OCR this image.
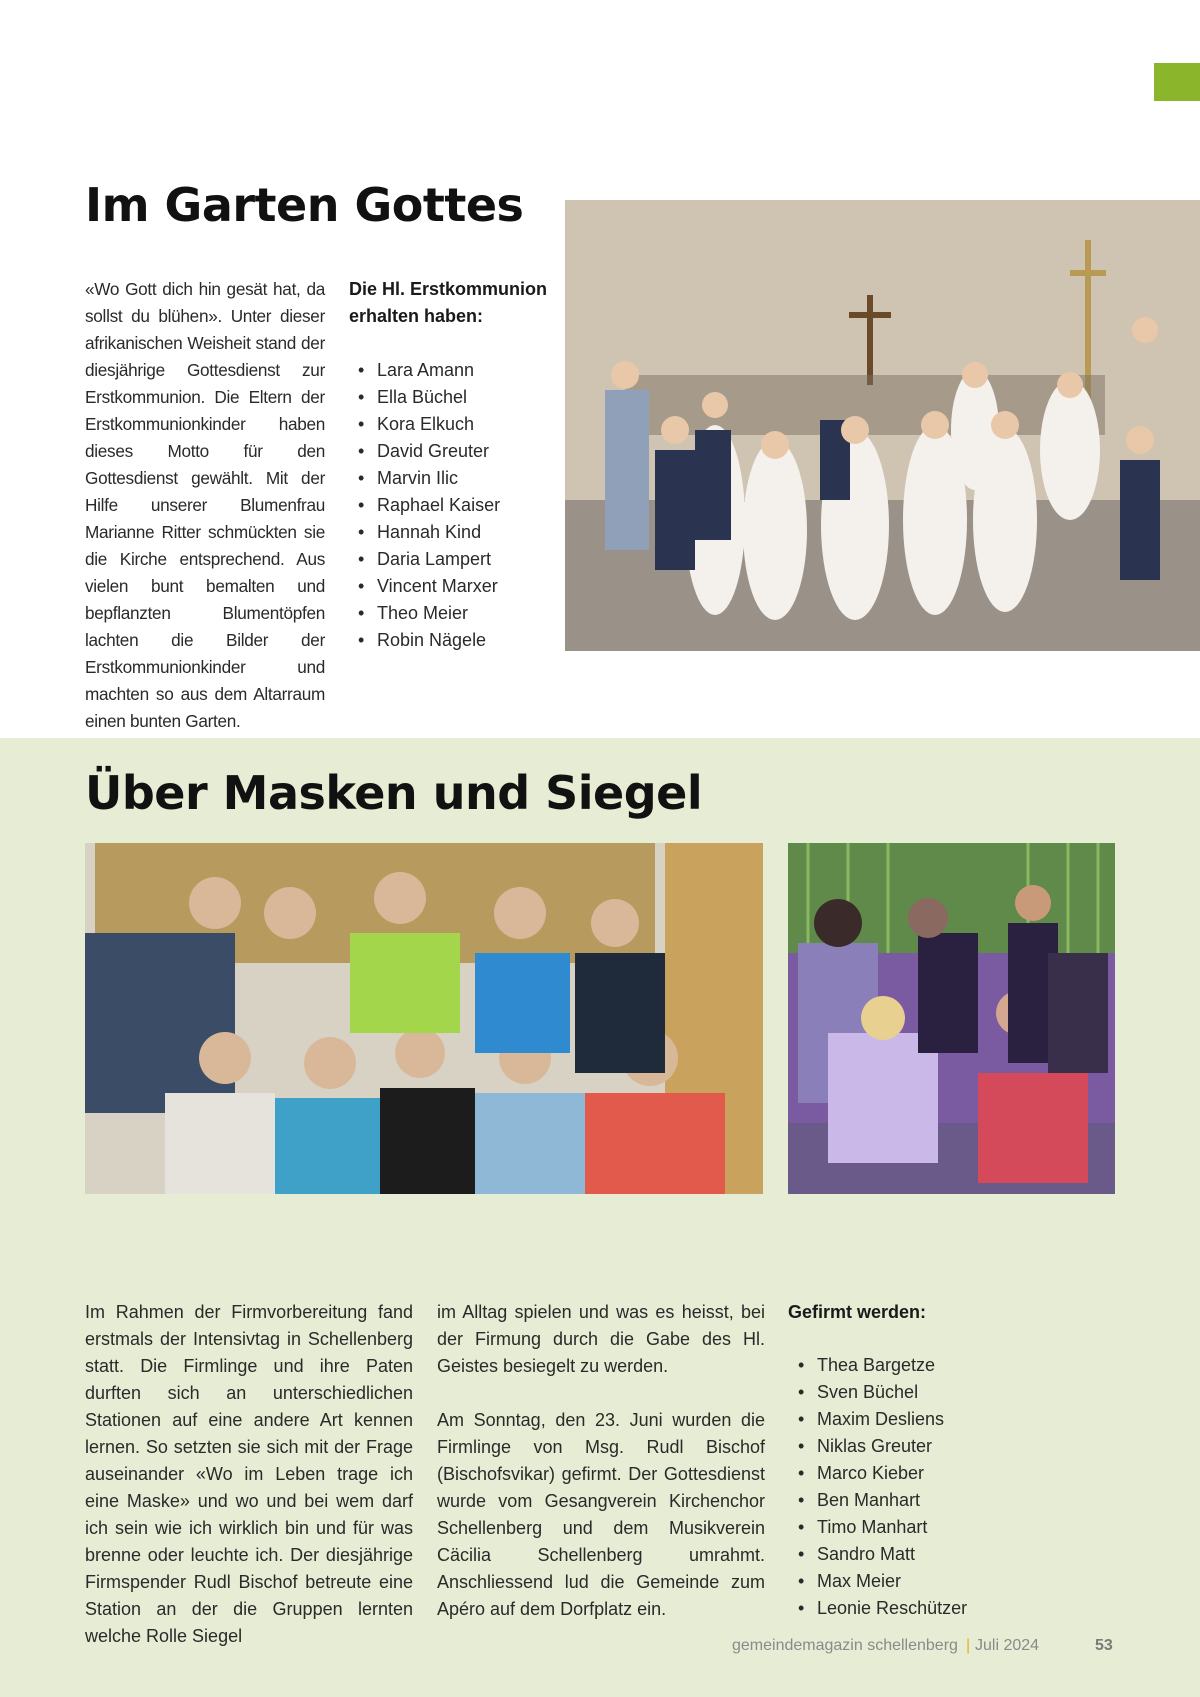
Im Garten Gottes

«Wo Gott dich hin gesät hat, da sollst du blühen». Unter dieser afrikanischen Weisheit stand der diesjährige Gottesdienst zur Erstkommunion. Die Eltern der Erstkommunionkinder haben dieses Motto für den Gottesdienst gewählt. Mit der Hilfe unserer Blumenfrau Marianne Ritter schmückten sie die Kirche entsprechend. Aus vielen bunt bemalten und bepflanzten Blumentöpfen lachten die Bilder der Erstkommunionkinder und machten so aus dem Altarraum einen bunten Garten.

Die Hl. Erstkommunion erhalten haben:
• Lara Amann
• Ella Büchel
• Kora Elkuch
• David Greuter
• Marvin Ilic
• Raphael Kaiser
• Hannah Kind
• Daria Lampert
• Vincent Marxer
• Theo Meier
• Robin Nägele
Über Masken und Siegel

Im Rahmen der Firmvorbereitung fand erstmals der Intensivtag in Schellenberg statt. Die Firmlinge und ihre Paten durften sich an unterschiedlichen Stationen auf eine andere Art kennen lernen. So setzten sie sich mit der Frage auseinander «Wo im Leben trage ich eine Maske» und wo und bei wem darf ich sein wie ich wirklich bin und für was brenne oder leuchte ich. Der diesjährige Firmspender Rudl Bischof betreute eine Station an der die Gruppen lernten welche Rolle Siegel

im Alltag spielen und was es heisst, bei der Firmung durch die Gabe des Hl. Geistes besiegelt zu werden.

Am Sonntag, den 23. Juni wurden die Firmlinge von Msg. Rudl Bischof (Bischofsvikar) gefirmt. Der Gottesdienst wurde vom Gesangverein Kirchenchor Schellenberg und dem Musikverein Cäcilia Schellenberg umrahmt. Anschliessend lud die Gemeinde zum Apéro auf dem Dorfplatz ein.

Gefirmt werden:
• Thea Bargetze
• Sven Büchel
• Maxim Desliens
• Niklas Greuter
• Marco Kieber
• Ben Manhart
• Timo Manhart
• Sandro Matt
• Max Meier
• Leonie Reschützer
gemeindemagazin schellenberg | Juli 2024	53
